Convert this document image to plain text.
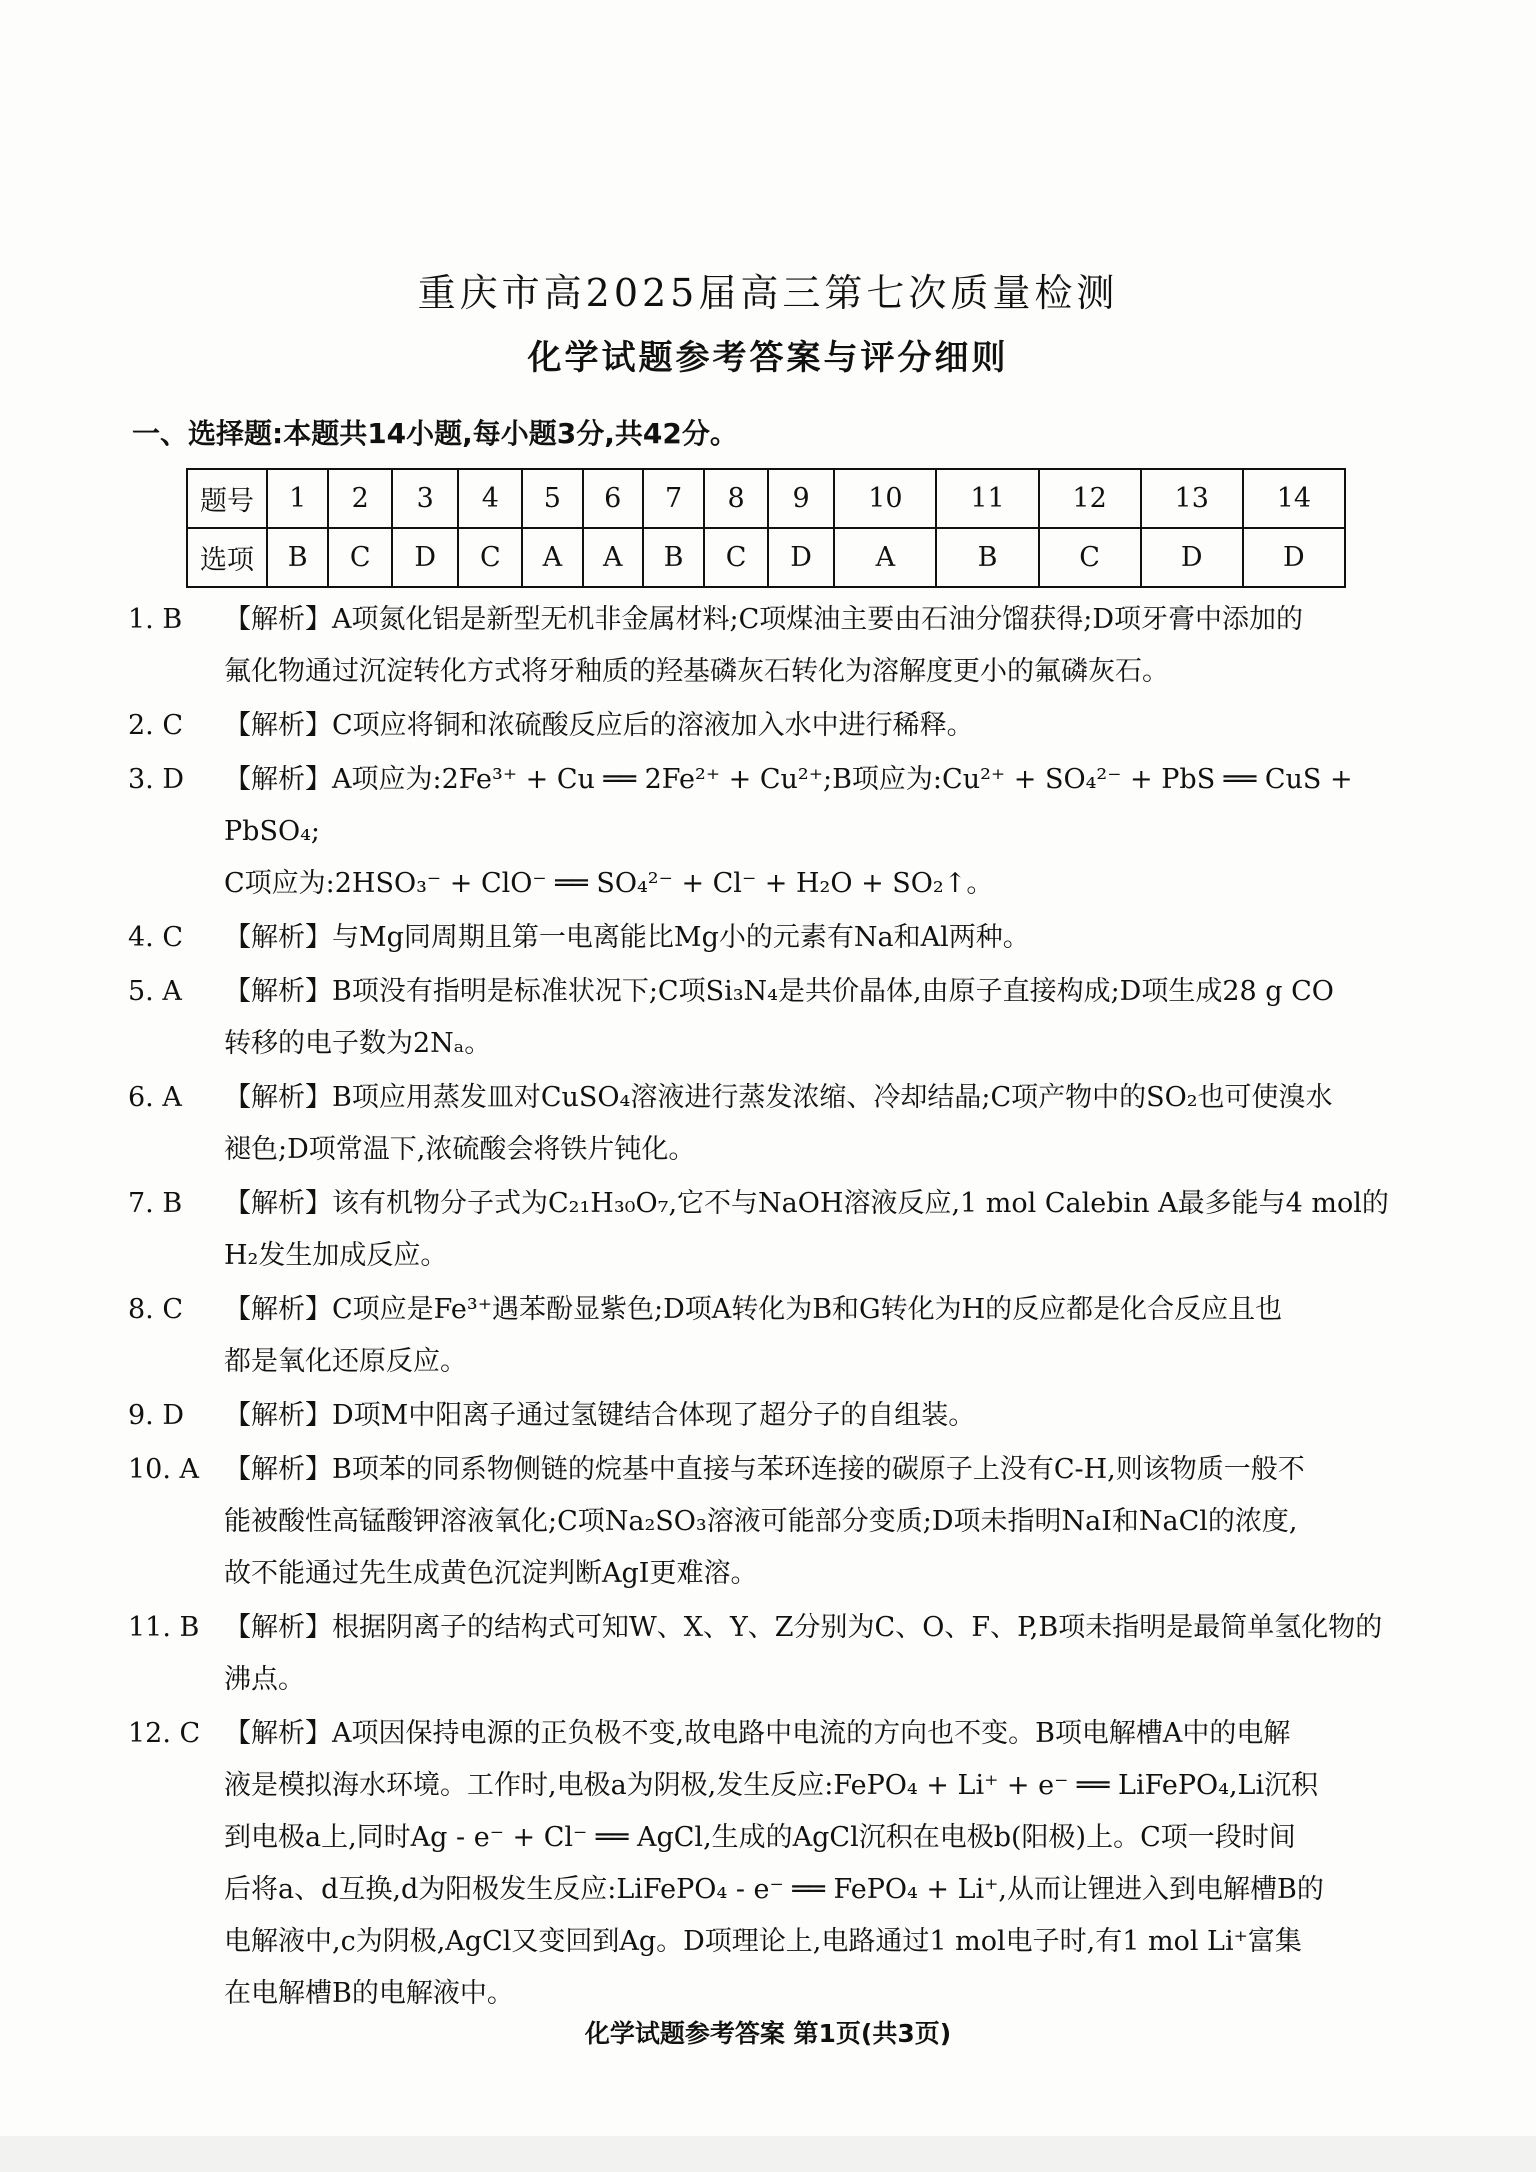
重庆市高2025届高三第七次质量检测
化学试题参考答案与评分细则
一、选择题:本题共14小题,每小题3分,共42分。
题号	1	2	3	4	5	6	7	8	9	10	11	12	13	14
选项	B	C	D	C	A	A	B	C	D	A	B	C	D	D
1. B	【解析】A项氮化铝是新型无机非金属材料;C项煤油主要由石油分馏获得;D项牙膏中添加的

氟化物通过沉淀转化方式将牙釉质的羟基磷灰石转化为溶解度更小的氟磷灰石。

2. C	【解析】C项应将铜和浓硫酸反应后的溶液加入水中进行稀释。

3. D	【解析】A项应为:2Fe³⁺ + Cu ══ 2Fe²⁺ + Cu²⁺;B项应为:Cu²⁺ + SO₄²⁻ + PbS ══ CuS + PbSO₄;

C项应为:2HSO₃⁻ + ClO⁻ ══ SO₄²⁻ + Cl⁻ + H₂O + SO₂↑。

4. C	【解析】与Mg同周期且第一电离能比Mg小的元素有Na和Al两种。

5. A	【解析】B项没有指明是标准状况下;C项Si₃N₄是共价晶体,由原子直接构成;D项生成28 g CO

转移的电子数为2Nₐ。

6. A	【解析】B项应用蒸发皿对CuSO₄溶液进行蒸发浓缩、冷却结晶;C项产物中的SO₂也可使溴水

褪色;D项常温下,浓硫酸会将铁片钝化。

7. B	【解析】该有机物分子式为C₂₁H₃₀O₇,它不与NaOH溶液反应,1 mol Calebin A最多能与4 mol的

H₂发生加成反应。

8. C	【解析】C项应是Fe³⁺遇苯酚显紫色;D项A转化为B和G转化为H的反应都是化合反应且也

都是氧化还原反应。

9. D	【解析】D项M中阳离子通过氢键结合体现了超分子的自组装。

10. A 【解析】B项苯的同系物侧链的烷基中直接与苯环连接的碳原子上没有C-H,则该物质一般不

能被酸性高锰酸钾溶液氧化;C项Na₂SO₃溶液可能部分变质;D项未指明NaI和NaCl的浓度,

故不能通过先生成黄色沉淀判断AgI更难溶。

11. B 【解析】根据阴离子的结构式可知W、X、Y、Z分别为C、O、F、P,B项未指明是最简单氢化物的

沸点。

12. C 【解析】A项因保持电源的正负极不变,故电路中电流的方向也不变。B项电解槽A中的电解

液是模拟海水环境。工作时,电极a为阴极,发生反应:FePO₄ + Li⁺ + e⁻ ══ LiFePO₄,Li沉积

到电极a上,同时Ag - e⁻ + Cl⁻ ══ AgCl,生成的AgCl沉积在电极b(阳极)上。C项一段时间

后将a、d互换,d为阳极发生反应:LiFePO₄ - e⁻ ══ FePO₄ + Li⁺,从而让锂进入到电解槽B的

电解液中,c为阴极,AgCl又变回到Ag。D项理论上,电路通过1 mol电子时,有1 mol Li⁺富集

在电解槽B的电解液中。

化学试题参考答案 第1页(共3页)
